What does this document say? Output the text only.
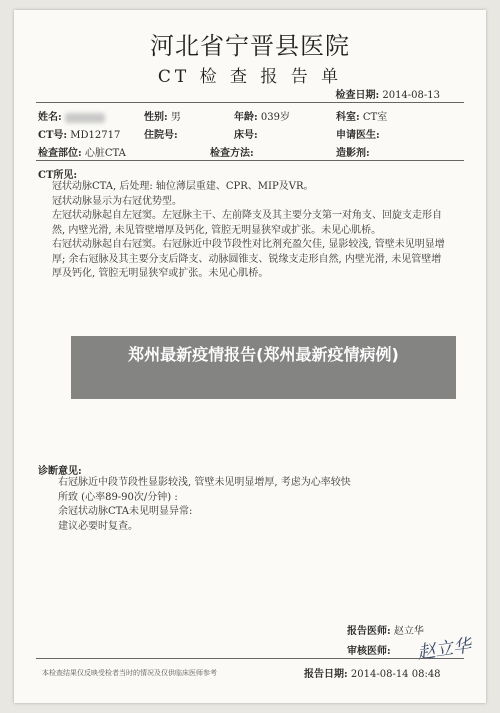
河北省宁晋县医院
CT 检 查 报 告 单
检查日期: 2014-08-13
姓名:	性别: 男	年龄: 039岁	科室: CT室
CT号: MD12717 住院号:	床号:	申请医生:
检查部位: 心脏CTA	检查方法:	造影剂:
CT所见:

冠状动脉CTA, 后处理: 轴位薄层重建、CPR、MIP及VR。

冠状动脉显示为右冠优势型。

左冠状动脉起自左冠窦。左冠脉主干、左前降支及其主要分支第一对角支、回旋支走形自然, 内壁光滑, 未见管壁增厚及钙化, 管腔无明显狭窄或扩张。未见心肌桥。

右冠状动脉起自右冠窦。右冠脉近中段节段性对比剂充盈欠佳, 显影较浅, 管壁未见明显增厚; 余右冠脉及其主要分支后降支、动脉圆锥支、锐缘支走形自然, 内壁光滑, 未见管壁增厚及钙化, 管腔无明显狭窄或扩张。未见心肌桥。

郑州最新疫情报告(郑州最新疫情病例)
诊断意见:

右冠脉近中段节段性显影较浅, 管壁未见明显增厚, 考虑为心率较快

所致 (心率89-90次/分钟) :

余冠状动脉CTA未见明显异常:

建议必要时复查。

报告医师: 赵立华
审核医师: 赵立华
本检查结果仅反映受检者当时的情况及仅供临床医师参考	报告日期: 2014-08-14 08:48
